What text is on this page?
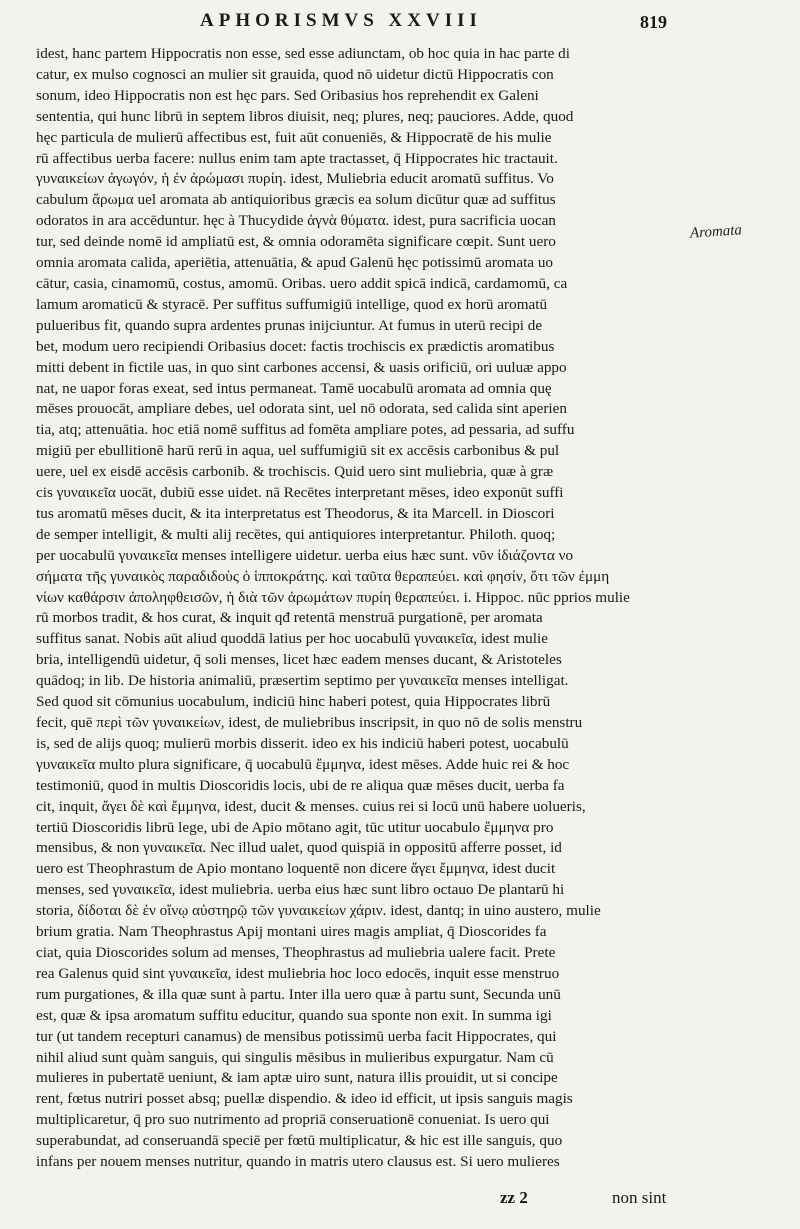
APHORISMVS XXVIII	819
Aromata
idest, hanc partem Hippocratis non esse, sed esse adiunctam, ob hoc quia in hac parte di
catur, ex mulso cognosci an mulier sit grauida, quod nō uidetur dictū Hippocratis con
sonum, ideo Hippocratis non est hęc pars. Sed Oribasius hos reprehendit ex Galeni
sententia, qui hunc librū in septem libros diuisit, neq; plures, neq; pauciores. Adde, quod
hęc particula de mulierū affectibus est, fuit aūt conueniēs, & Hippocratē de his mulie
rū affectibus uerba facere: nullus enim tam apte tractasset, q̄ Hippocrates hic tractauit.
γυναικείων ἀγωγόν, ἡ ἐν ἀρώμασι πυρίη. idest, Muliebria educit aromatū suffitus. Vo
cabulum ἄρωμα uel aromata ab antiquioribus græcis ea solum dicūtur quæ ad suffitus
odoratos in ara accēduntur. hęc à Thucydide ἁγνὰ θύματα. idest, pura sacrificia uocan
tur, sed deinde nomē id ampliatū est, & omnia odoramēta significare cœpit. Sunt uero
omnia aromata calida, aperiētia, attenuātia, & apud Galenū hęc potissimū aromata uo
cātur, casia, cinamomū, costus, amomū. Oribas. uero addit spicā indicā, cardamomū, ca
lamum aromaticū & styracē. Per suffitus suffumigiū intellige, quod ex horū aromatū
pulueribus fit, quando supra ardentes prunas inijciuntur. At fumus in uterū recipi de
bet, modum uero recipiendi Oribasius docet: factis trochiscis ex prædictis aromatibus
mitti debent in fictile uas, in quo sint carbones accensi, & uasis orificiū, ori uuluæ appo
nat, ne uapor foras exeat, sed intus permaneat. Tamē uocabulū aromata ad omnia quę
mēses prouocāt, ampliare debes, uel odorata sint, uel nō odorata, sed calida sint aperien
tia, atq; attenuātia. hoc etiā nomē suffitus ad fomēta ampliare potes, ad pessaria, ad suffu
migiū per ebullitionē harū rerū in aqua, uel suffumigiū sit ex accēsis carbonibus & pul
uere, uel ex eisdē accēsis carbonib. & trochiscis. Quid uero sint muliebria, quæ à græ
cis γυναικεῖα uocāt, dubiū esse uidet. nā Recētes interpretant mēses, ideo exponūt suffi
tus aromatū mēses ducit, & ita interpretatus est Theodorus, & ita Marcell. in Dioscori
de semper intelligit, & multi alij recētes, qui antiquiores interpretantur. Philoth. quoq;
per uocabulū γυναικεῖα menses intelligere uidetur. uerba eius hæc sunt. νῦν ἰδιάζοντα νο
σήματα τῆς γυναικὸς παραδιδοὺς ὁ ἱπποκράτης. καὶ ταῦτα θεραπεύει. καὶ φησίν, ὅτι τῶν ἐμμη
νίων καθάρσιν ἀποληφθεισῶν, ἡ διὰ τῶν ἀρωμάτων πυρίη θεραπεύει. i. Hippoc. nūc pprios mulie
rū morbos tradit, & hos curat, & inquit qđ retentā menstruā purgationē, per aromata
suffitus sanat. Nobis aūt aliud quoddā latius per hoc uocabulū γυναικεῖα, idest mulie
bria, intelligendū uidetur, q̄ soli menses, licet hæc eadem menses ducant, & Aristoteles
quādoq; in lib. De historia animaliū, præsertim septimo per γυναικεῖα menses intelligat.
Sed quod sit cōmunius uocabulum, indiciū hinc haberi potest, quia Hippocrates librū
fecit, quē περὶ τῶν γυναικείων, idest, de muliebribus inscripsit, in quo nō de solis menstru
is, sed de alijs quoq; mulierū morbis disserit. ideo ex his indiciū haberi potest, uocabulū
γυναικεῖα multo plura significare, q̄ uocabulū ἔμμηνα, idest mēses. Adde huic rei & hoc
testimoniū, quod in multis Dioscoridis locis, ubi de re aliqua quæ mēses ducit, uerba fa
cit, inquit, ἄγει δὲ καὶ ἔμμηνα, idest, ducit & menses. cuius rei si locū unū habere uolueris,
tertiū Dioscoridis librū lege, ubi de Apio mōtano agit, tūc utitur uocabulo ἔμμηνα pro
mensibus, & non γυναικεῖα. Nec illud ualet, quod quispiā in oppositū afferre posset, id
uero est Theophrastum de Apio montano loquentē non dicere ἄγει ἔμμηνα, idest ducit
menses, sed γυναικεῖα, idest muliebria. uerba eius hæc sunt libro octauo De plantarū hi
storia, δίδοται δὲ ἐν οἴνῳ αὐστηρῷ τῶν γυναικείων χάριν. idest, dantq; in uino austero, mulie
brium gratia. Nam Theophrastus Apij montani uires magis ampliat, q̄ Dioscorides fa
ciat, quia Dioscorides solum ad menses, Theophrastus ad muliebria ualere facit. Prete
rea Galenus quid sint γυναικεῖα, idest muliebria hoc loco edocēs, inquit esse menstruo
rum purgationes, & illa quæ sunt à partu. Inter illa uero quæ à partu sunt, Secunda unū
est, quæ & ipsa aromatum suffitu educitur, quando sua sponte non exit. In summa igi
tur (ut tandem recepturi canamus) de mensibus potissimū uerba facit Hippocrates, qui
nihil aliud sunt quàm sanguis, qui singulis mēsibus in mulieribus expurgatur. Nam cū
mulieres in pubertatē ueniunt, & iam aptæ uiro sunt, natura illis prouidit, ut si concipe
rent, fœtus nutriri posset absq; puellæ dispendio. & ideo id efficit, ut ipsis sanguis magis
multiplicaretur, q̄ pro suo nutrimento ad propriā conseruationē conueniat. Is uero qui
superabundat, ad conseruandā speciē per fœtū multiplicatur, & hic est ille sanguis, quo
infans per nouem menses nutritur, quando in matris utero clausus est. Si uero mulieres
zz 2	non sint
